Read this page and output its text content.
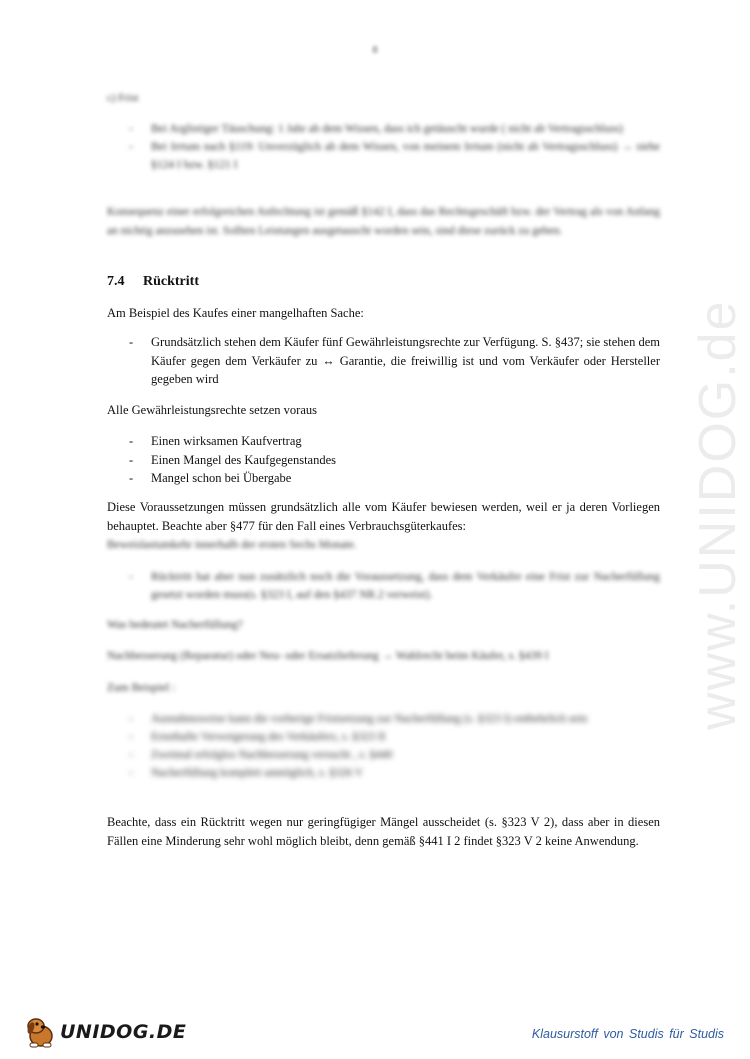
8
c) Frist
- Bei Arglistiger Täuschung: 1 Jahr ab dem Wissen, dass ich getäuscht wurde ( nicht ab Vertragsschluss)
- Bei Irrtum nach §119: Unverzüglich ab dem Wissen, von meinem Irrtum (nicht ab Vertragsschluss) → siehe §124 I bzw. §121 I
Konsequenz einer erfolgreichen Anfechtung ist gemäß §142 I, dass das Rechtsgeschäft bzw. der Vertrag als von Anfang an nichtig anzusehen ist. Sollten Leistungen ausgetauscht worden sein, sind diese zurück zu geben.
7.4 Rücktritt
Am Beispiel des Kaufes einer mangelhaften Sache:
- Grundsätzlich stehen dem Käufer fünf Gewährleistungsrechte zur Verfügung. S. §437; sie stehen dem Käufer gegen dem Verkäufer zu ↔ Garantie, die freiwillig ist und vom Verkäufer oder Hersteller gegeben wird
Alle Gewährleistungsrechte setzen voraus
- Einen wirksamen Kaufvertrag
- Einen Mangel des Kaufgegenstandes
- Mangel schon bei Übergabe
Diese Voraussetzungen müssen grundsätzlich alle vom Käufer bewiesen werden, weil er ja deren Vorliegen behauptet. Beachte aber §477 für den Fall eines Verbrauchsgüterkaufes:
Beweislastumkehr innerhalb der ersten Sechs Monate.
- Rücktritt hat aber nun zusätzlich noch die Voraussetzung, dass dem Verkäufer eine Frist zur Nacherfüllung gesetzt worden muss(s. §323 I, auf den §437 NR.2 verweist).
Was bedeutet Nacherfüllung?
Nachbesserung (Reparatur) oder Neu- oder Ersatzlieferung → Wahlrecht beim Käufer, s. §439 I
Zum Beispiel :
- Ausnahmsweise kann die vorherige Fristsetzung zur Nacherfüllung (s. §323 I) entbehrlich sein
- Ernsthafte Verweigerung des Verkäufers, s. §323 II
- Zweimal erfolglos Nachbesserung versucht , s. §440
- Nacherfüllung komplett unmöglich, s. §326 V
Beachte, dass ein Rücktritt wegen nur geringfügiger Mängel ausscheidet (s. §323 V 2), dass aber in diesen Fällen eine Minderung sehr wohl möglich bleibt, denn gemäß §441 I 2 findet §323 V 2 keine Anwendung.
www.UNIDOG.de
UNIDOG.DE	Klausurstoff von Studis für Studis
